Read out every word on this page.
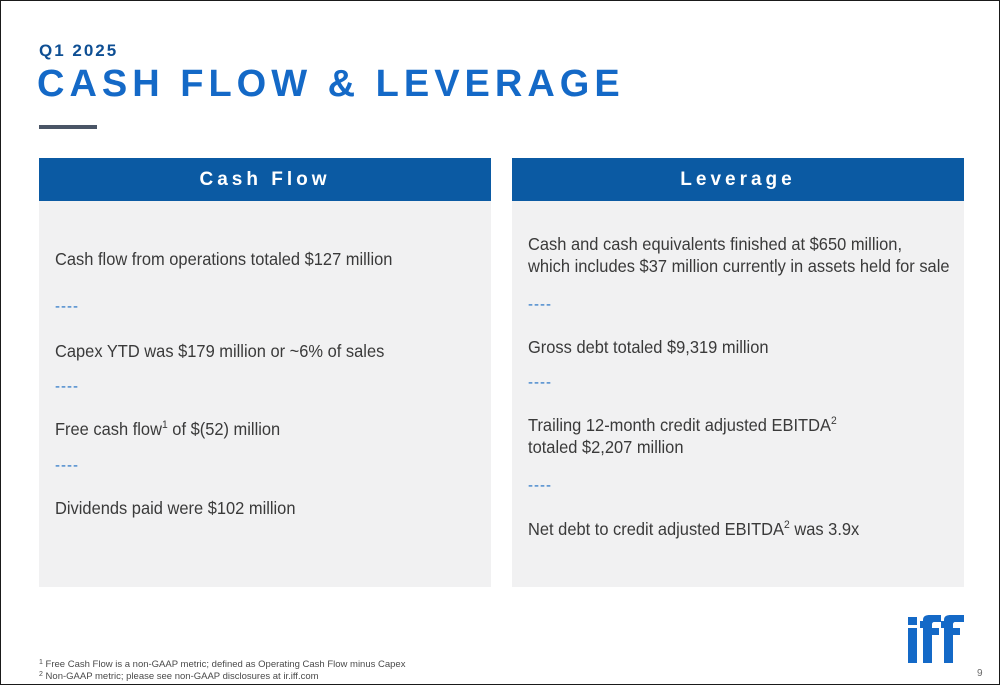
Q1 2025
CASH FLOW & LEVERAGE
Cash Flow
Cash flow from operations totaled $127 million
----
Capex YTD was $179 million or ~6% of sales
----
Free cash flow$^1$ of $(52) million
----
Dividends paid were $102 million
Leverage
Cash and cash equivalents finished at $650 million,
which includes $37 million currently in assets held for sale
----
Gross debt totaled $9,319 million
----
Trailing 12-month credit adjusted EBITDA$^2$
totaled $2,207 million
----
Net debt to credit adjusted EBITDA$^2$ was 3.9x
$^1$ Free Cash Flow is a non-GAAP metric; defined as Operating Cash Flow minus Capex
$^2$ Non-GAAP metric; please see non-GAAP disclosures at ir.iff.com	9
